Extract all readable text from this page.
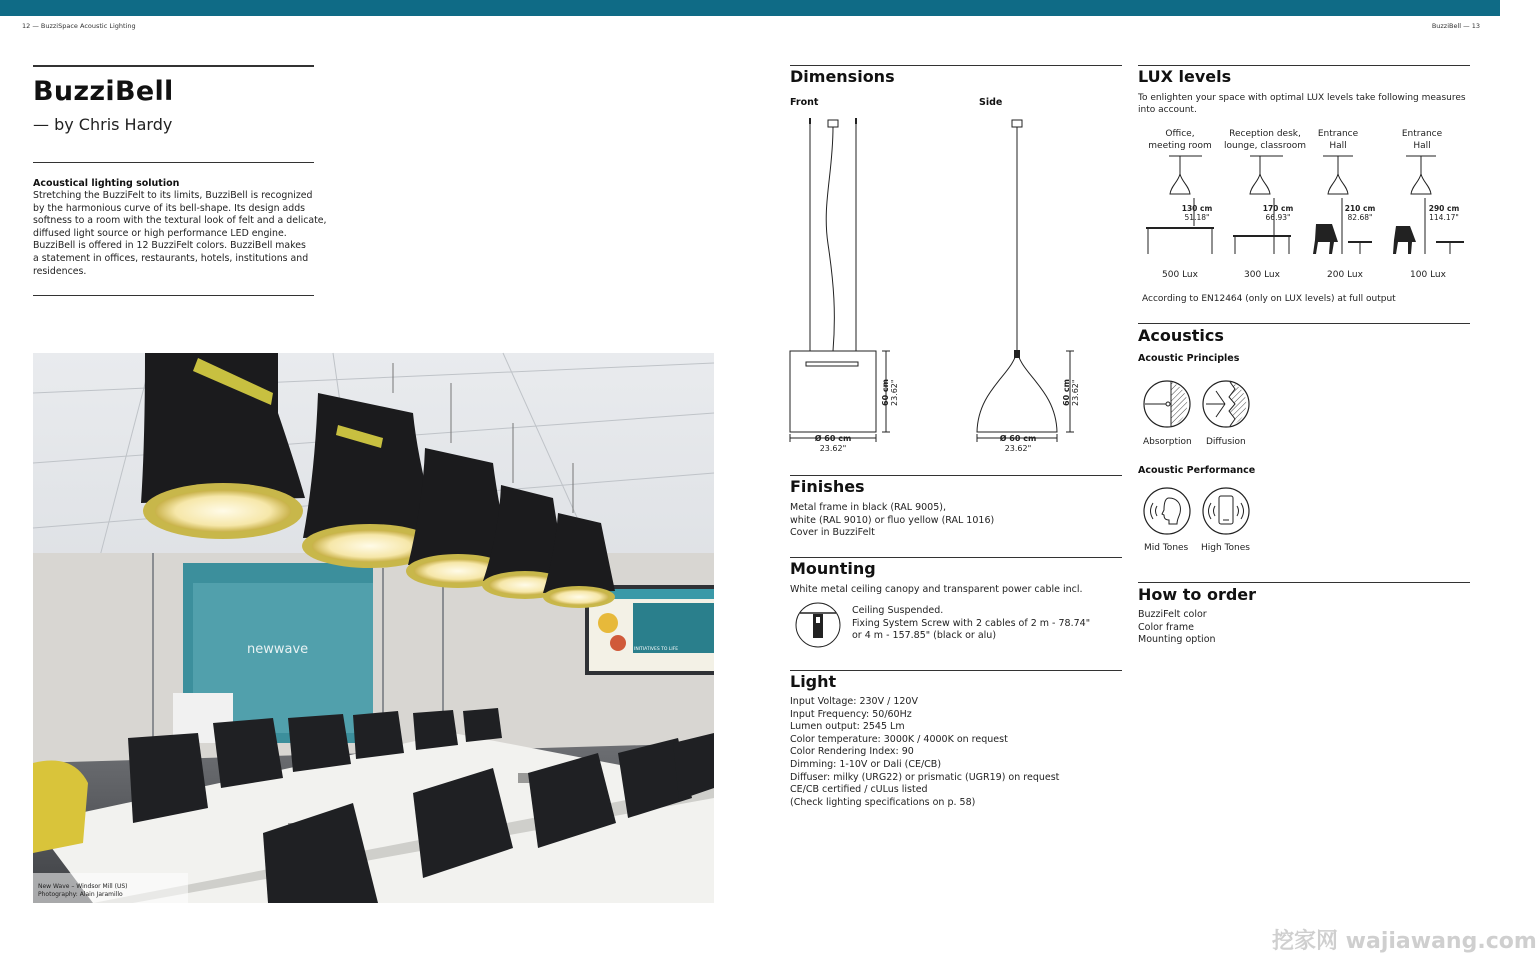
12 — BuzziSpace Acoustic Lighting	BuzziBell — 13
BuzziBell
— by Chris Hardy
Acoustical lighting solution
Stretching the BuzziFelt to its limits, BuzziBell is recognized
by the harmonious curve of its bell-shape. Its design adds
softness to a room with the textural look of felt and a delicate,
diffused light source or high performance LED engine.
BuzziBell is offered in 12 BuzziFelt colors. BuzziBell makes
a statement in offices, restaurants, hotels, institutions and
residences.
newwave	INITIATIVES TO LIFE
New Wave – Windsor Mill (US)
Photography: Alain Jaramillo
Dimensions
Front	Side
60 cm 23.62"
Ø 60 cm
23.62"
60 cm 23.62"
Ø 60 cm
23.62"
Finishes
Metal frame in black (RAL 9005),
white (RAL 9010) or fluo yellow (RAL 1016)
Cover in BuzziFelt
Mounting
White metal ceiling canopy and transparent power cable incl.
Ceiling Suspended.
Fixing System Screw with 2 cables of 2 m - 78.74"
or 4 m - 157.85" (black or alu)
Light
Input Voltage: 230V / 120V
Input Frequency: 50/60Hz
Lumen output: 2545 Lm
Color temperature: 3000K / 4000K on request
Color Rendering Index: 90
Dimming: 1-10V or Dali (CE/CB)
Diffuser: milky (URG22) or prismatic (UGR19) on request
CE/CB certified / cULus listed
(Check lighting specifications on p. 58)
LUX levels
To enlighten your space with optimal LUX levels take following measures
into account.
Office,
meeting room
Reception desk,
lounge, classroom
Entrance
Hall
Entrance
Hall
130 cm
51.18"
170 cm
66.93"
210 cm
82.68"
290 cm
114.17"
500 Lux	300 Lux	200 Lux	100 Lux
According to EN12464 (only on LUX levels) at full output
Acoustics
Acoustic Principles
Absorption Diffusion
Acoustic Performance
Mid Tones High Tones
How to order
BuzziFelt color
Color frame
Mounting option
挖家网 wajiawang.com
